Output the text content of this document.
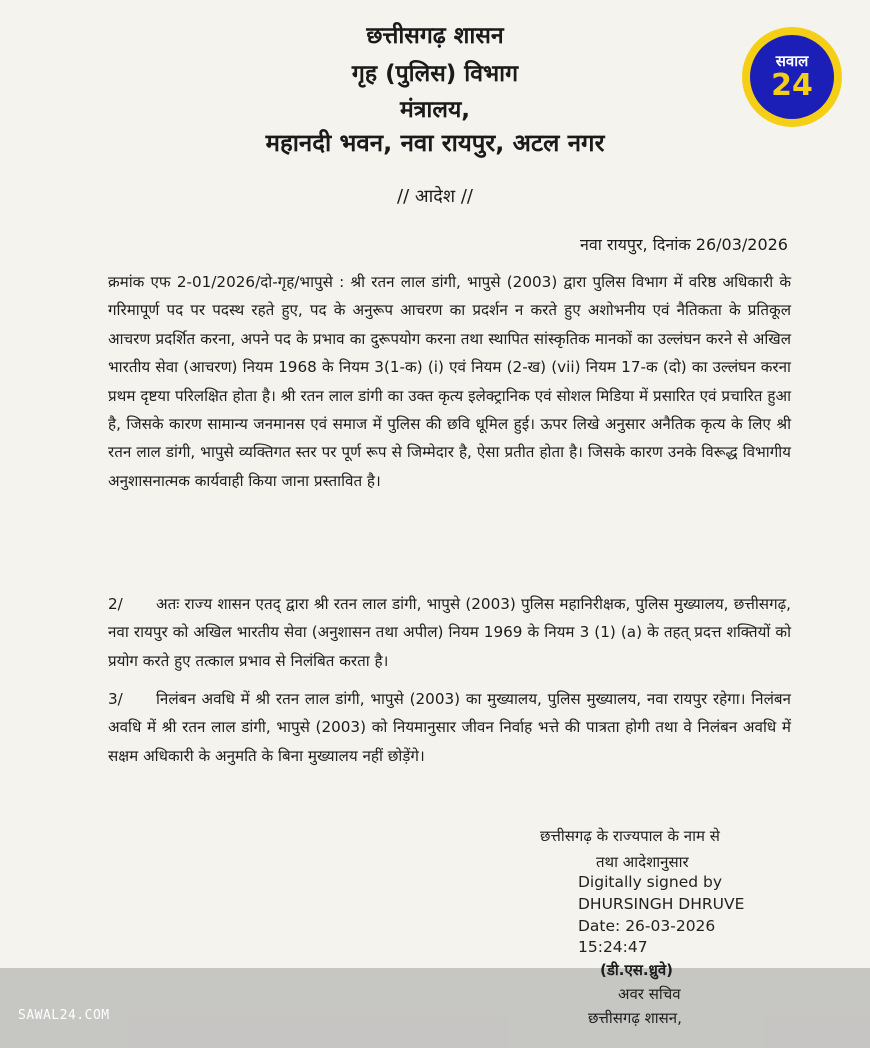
छत्तीसगढ़ शासन
गृह (पुलिस) विभाग
मंत्रालय,
महानदी भवन, नवा रायपुर, अटल नगर
सवाल
24
// आदेश //
नवा रायपुर, दिनांक 26/03/2026
क्रमांक एफ 2-01/2026/दो-गृह/भापुसे : श्री रतन लाल डांगी, भापुसे (2003) द्वारा पुलिस विभाग में वरिष्ठ अधिकारी के गरिमापूर्ण पद पर पदस्थ रहते हुए, पद के अनुरूप आचरण का प्रदर्शन न करते हुए अशोभनीय एवं नैतिकता के प्रतिकूल आचरण प्रदर्शित करना, अपने पद के प्रभाव का दुरूपयोग करना तथा स्थापित सांस्कृतिक मानकों का उल्लंघन करने से अखिल भारतीय सेवा (आचरण) नियम 1968 के नियम 3(1-क) (i) एवं नियम (2-ख) (vii) नियम 17-क (दो) का उल्लंघन करना प्रथम दृष्टया परिलक्षित होता है। श्री रतन लाल डांगी का उक्त कृत्य इलेक्ट्रानिक एवं सोशल मिडिया में प्रसारित एवं प्रचारित हुआ है, जिसके कारण सामान्य जनमानस एवं समाज में पुलिस की छवि धूमिल हुई। ऊपर लिखे अनुसार अनैतिक कृत्य के लिए श्री रतन लाल डांगी, भापुसे व्यक्तिगत स्तर पर पूर्ण रूप से जिम्मेदार है, ऐसा प्रतीत होता है। जिसके कारण उनके विरूद्ध विभागीय अनुशासनात्मक कार्यवाही किया जाना प्रस्तावित है।
2/ अतः राज्य शासन एतद् द्वारा श्री रतन लाल डांगी, भापुसे (2003) पुलिस महानिरीक्षक, पुलिस मुख्यालय, छत्तीसगढ़, नवा रायपुर को अखिल भारतीय सेवा (अनुशासन तथा अपील) नियम 1969 के नियम 3 (1) (a) के तहत् प्रदत्त शक्तियों को प्रयोग करते हुए तत्काल प्रभाव से निलंबित करता है।
3/ निलंबन अवधि में श्री रतन लाल डांगी, भापुसे (2003) का मुख्यालय, पुलिस मुख्यालय, नवा रायपुर रहेगा। निलंबन अवधि में श्री रतन लाल डांगी, भापुसे (2003) को नियमानुसार जीवन निर्वाह भत्ते की पात्रता होगी तथा वे निलंबन अवधि में सक्षम अधिकारी के अनुमति के बिना मुख्यालय नहीं छोड़ेंगे।
छत्तीसगढ़ के राज्यपाल के नाम से
तथा आदेशानुसार
Digitally signed by
DHURSINGH DHRUVE
Date: 26-03-2026
15:24:47
(डी.एस.ध्रुवे)
अवर सचिव
छत्तीसगढ़ शासन,
SAWAL24.COM
